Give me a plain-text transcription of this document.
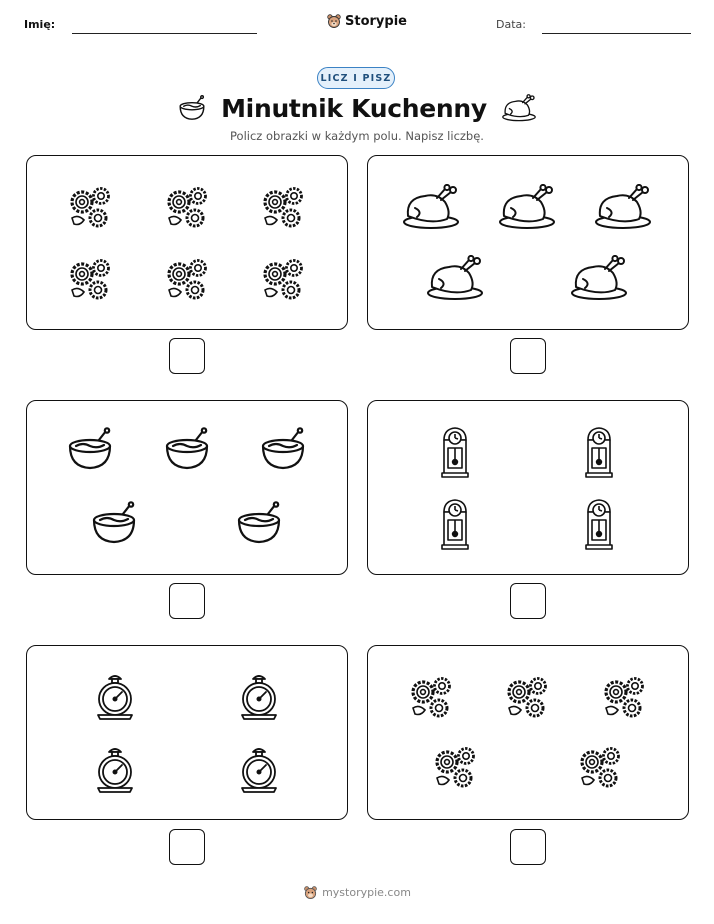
Imię:	Storypie	Data:
LICZ I PISZ
Minutnik Kuchenny
Policz obrazki w każdym polu. Napisz liczbę.
mystorypie.com
